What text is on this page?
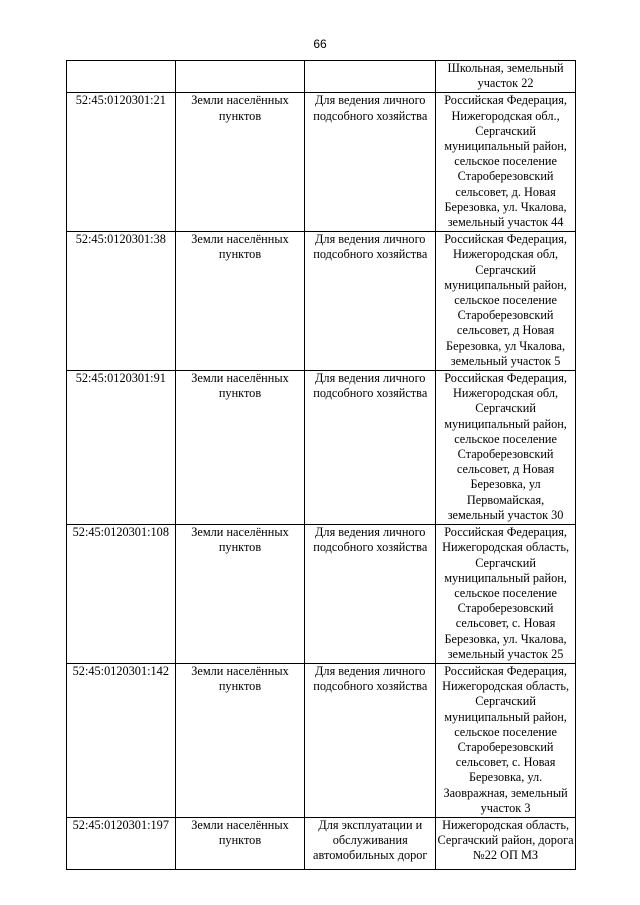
66
			Школьная, земельный участок 22
52:45:0120301:21	Земли населённых пунктов	Для ведения личного подсобного хозяйства	Российская Федерация, Нижегородская обл., Сергачский муниципальный район, сельское поселение Староберезовский сельсовет, д. Новая Березовка, ул. Чкалова, земельный участок 44
52:45:0120301:38	Земли населённых пунктов	Для ведения личного подсобного хозяйства	Российская Федерация, Нижегородская обл, Сергачский муниципальный район, сельское поселение Староберезовский сельсовет, д Новая Березовка, ул Чкалова, земельный участок 5
52:45:0120301:91	Земли населённых пунктов	Для ведения личного подсобного хозяйства	Российская Федерация, Нижегородская обл, Сергачский муниципальный район, сельское поселение Староберезовский сельсовет, д Новая Березовка, ул Первомайская, земельный участок 30
52:45:0120301:108	Земли населённых пунктов	Для ведения личного подсобного хозяйства	Российская Федерация, Нижегородская область, Сергачский муниципальный район, сельское поселение Староберезовский сельсовет, с. Новая Березовка, ул. Чкалова, земельный участок 25
52:45:0120301:142	Земли населённых пунктов	Для ведения личного подсобного хозяйства	Российская Федерация, Нижегородская область, Сергачский муниципальный район, сельское поселение Староберезовский сельсовет, с. Новая Березовка, ул. Заовражная, земельный участок 3
52:45:0120301:197	Земли населённых пунктов	Для эксплуатации и обслуживания автомобильных дорог	Нижегородская область, Сергачский район, дорога №22 ОП МЗ
